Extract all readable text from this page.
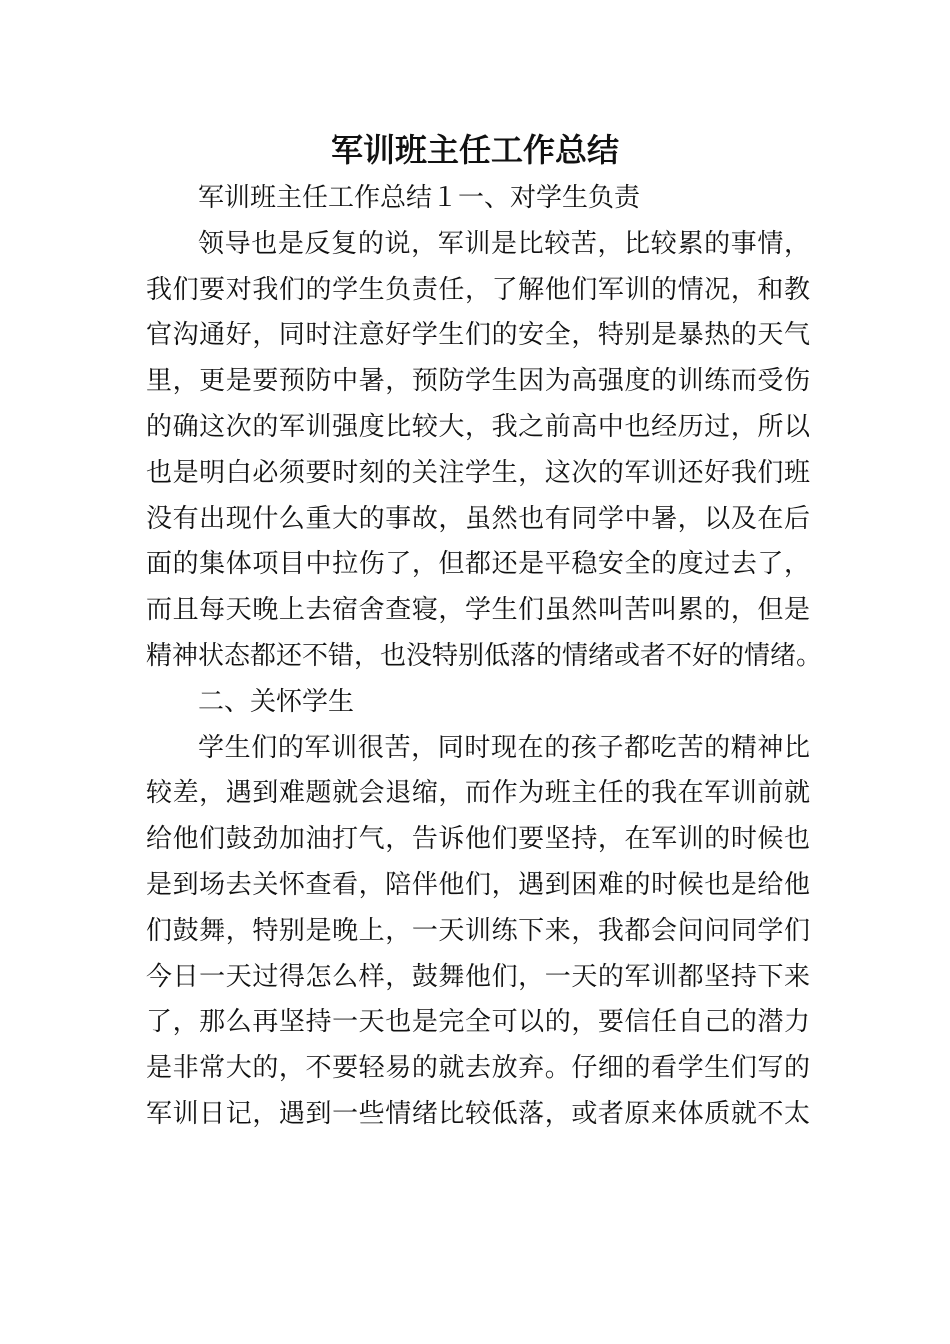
军训班主任工作总结
军训班主任工作总结１一、对学生负责
领导也是反复的说，军训是比较苦，比较累的事情，
我们要对我们的学生负责任，了解他们军训的情况，和教
官沟通好，同时注意好学生们的安全，特别是暴热的天气
里，更是要预防中暑，预防学生因为高强度的训练而受伤
的确这次的军训强度比较大，我之前高中也经历过，所以
也是明白必须要时刻的关注学生，这次的军训还好我们班
没有出现什么重大的事故，虽然也有同学中暑，以及在后
面的集体项目中拉伤了，但都还是平稳安全的度过去了，
而且每天晚上去宿舍查寝，学生们虽然叫苦叫累的，但是
精神状态都还不错，也没特别低落的情绪或者不好的情绪。
二、关怀学生
学生们的军训很苦，同时现在的孩子都吃苦的精神比
较差，遇到难题就会退缩，而作为班主任的我在军训前就
给他们鼓劲加油打气，告诉他们要坚持，在军训的时候也
是到场去关怀查看，陪伴他们，遇到困难的时候也是给他
们鼓舞，特别是晚上，一天训练下来，我都会问问同学们
今日一天过得怎么样，鼓舞他们，一天的军训都坚持下来
了，那么再坚持一天也是完全可以的，要信任自己的潜力
是非常大的，不要轻易的就去放弃。仔细的看学生们写的
军训日记，遇到一些情绪比较低落，或者原来体质就不太
